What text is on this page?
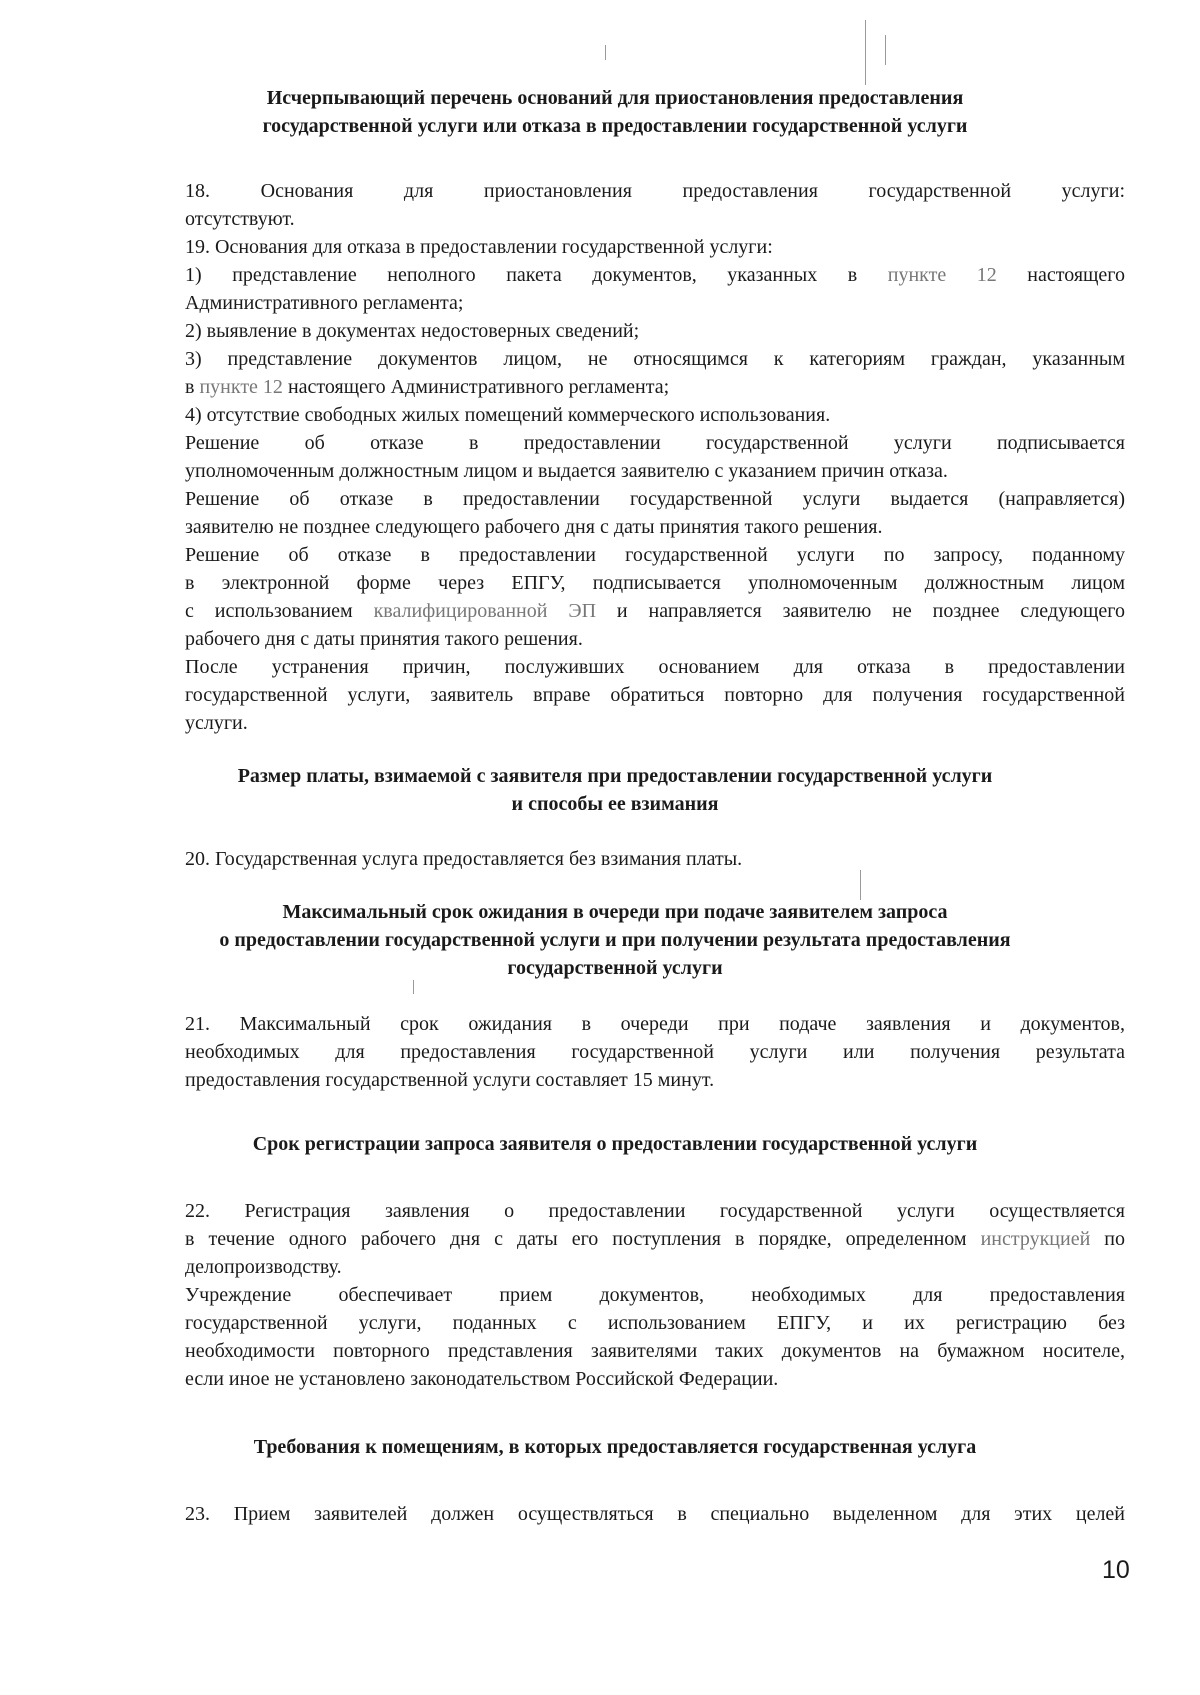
Исчерпывающий перечень оснований для приостановления предоставления
государственной услуги или отказа в предоставлении государственной услуги
18. Основания для приостановления предоставления государственной услуги:
отсутствуют.
19. Основания для отказа в предоставлении государственной услуги:
1) представление неполного пакета документов, указанных в пункте 12 настоящего
Административного регламента;
2) выявление в документах недостоверных сведений;
3) представление документов лицом, не относящимся к категориям граждан, указанным
в пункте 12 настоящего Административного регламента;
4) отсутствие свободных жилых помещений коммерческого использования.
Решение об отказе в предоставлении государственной услуги подписывается
уполномоченным должностным лицом и выдается заявителю с указанием причин отказа.
Решение об отказе в предоставлении государственной услуги выдается (направляется)
заявителю не позднее следующего рабочего дня с даты принятия такого решения.
Решение об отказе в предоставлении государственной услуги по запросу, поданному
в электронной форме через ЕПГУ, подписывается уполномоченным должностным лицом
с использованием квалифицированной ЭП и направляется заявителю не позднее следующего
рабочего дня с даты принятия такого решения.
После устранения причин, послуживших основанием для отказа в предоставлении
государственной услуги, заявитель вправе обратиться повторно для получения государственной
услуги.
Размер платы, взимаемой с заявителя при предоставлении государственной услуги
и способы ее взимания
20. Государственная услуга предоставляется без взимания платы.
Максимальный срок ожидания в очереди при подаче заявителем запроса
о предоставлении государственной услуги и при получении результата предоставления
государственной услуги
21. Максимальный срок ожидания в очереди при подаче заявления и документов,
необходимых для предоставления государственной услуги или получения результата
предоставления государственной услуги составляет 15 минут.
Срок регистрации запроса заявителя о предоставлении государственной услуги
22. Регистрация заявления о предоставлении государственной услуги осуществляется
в течение одного рабочего дня с даты его поступления в порядке, определенном инструкцией по
делопроизводству.
Учреждение обеспечивает прием документов, необходимых для предоставления
государственной услуги, поданных с использованием ЕПГУ, и их регистрацию без
необходимости повторного представления заявителями таких документов на бумажном носителе,
если иное не установлено законодательством Российской Федерации.
Требования к помещениям, в которых предоставляется государственная услуга
23. Прием заявителей должен осуществляться в специально выделенном для этих целей
10
